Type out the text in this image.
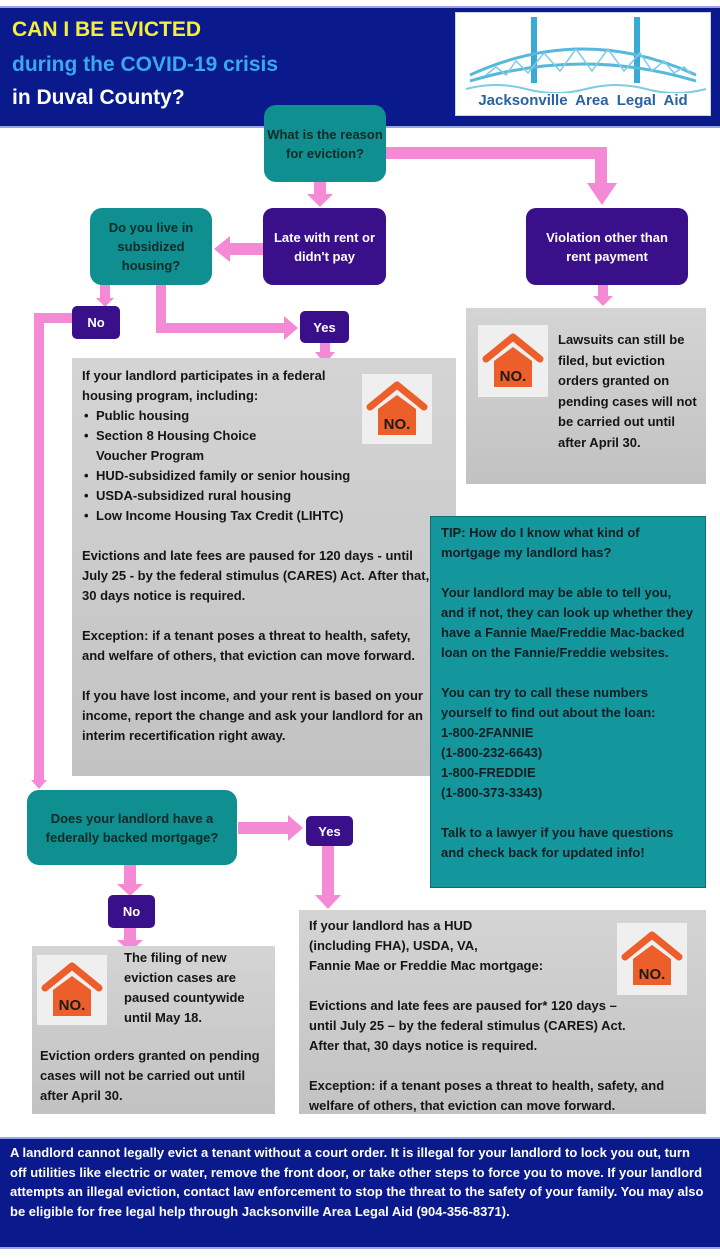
CAN I BE EVICTED
during the COVID-19 crisis
in Duval County?	Jacksonville Area Legal Aid
What is the reason for eviction?
Late with rent or didn't pay
Violation other than rent payment
Do you live in subsidized housing?
No	Yes
NO.
Lawsuits can still be filed, but eviction orders granted on pending cases will not be carried out until after April 30.

If your landlord participates in a federal housing program, including:

• Public housing
• Section 8 Housing Choice Voucher Program
• HUD-subsidized family or senior housing
• USDA-subsidized rural housing
• Low Income Housing Tax Credit (LIHTC)

Evictions and late fees are paused for 120 days - until July 25 - by the federal stimulus (CARES) Act. After that, 30 days notice is required.

Exception: if a tenant poses a threat to health, safety, and welfare of others, that eviction can move forward.

If you have lost income, and your rent is based on your income, report the change and ask your landlord for an interim recertification right away.

NO.

TIP: How do I know what kind of mortgage my landlord has?

Your landlord may be able to tell you, and if not, they can look up whether they have a Fannie Mae/Freddie Mac-backed loan on the Fannie/Freddie websites.

You can try to call these numbers yourself to find out about the loan:

1-800-2FANNIE

(1-800-232-6643)

1-800-FREDDIE

(1-800-373-3343)

Talk to a lawyer if you have questions and check back for updated info!

Does your landlord have a federally backed mortgage?	Yes
No
NO.
The filing of new eviction cases are paused countywide until May 18.
Eviction orders granted on pending cases will not be carried out until after April 30.

If your landlord has a HUD

(including FHA), USDA, VA,

Fannie Mae or Freddie Mac mortgage:

Evictions and late fees are paused for* 120 days – until July 25 – by the federal stimulus (CARES) Act. After that, 30 days notice is required.

Exception: if a tenant poses a threat to health, safety, and welfare of others, that eviction can move forward.

NO.
A landlord cannot legally evict a tenant without a court order. It is illegal for your landlord to lock you out, turn off utilities like electric or water, remove the front door, or take other steps to force you to move. If your landlord attempts an illegal eviction, contact law enforcement to stop the threat to the safety of your family. You may also be eligible for free legal help through Jacksonville Area Legal Aid (904-356-8371).
